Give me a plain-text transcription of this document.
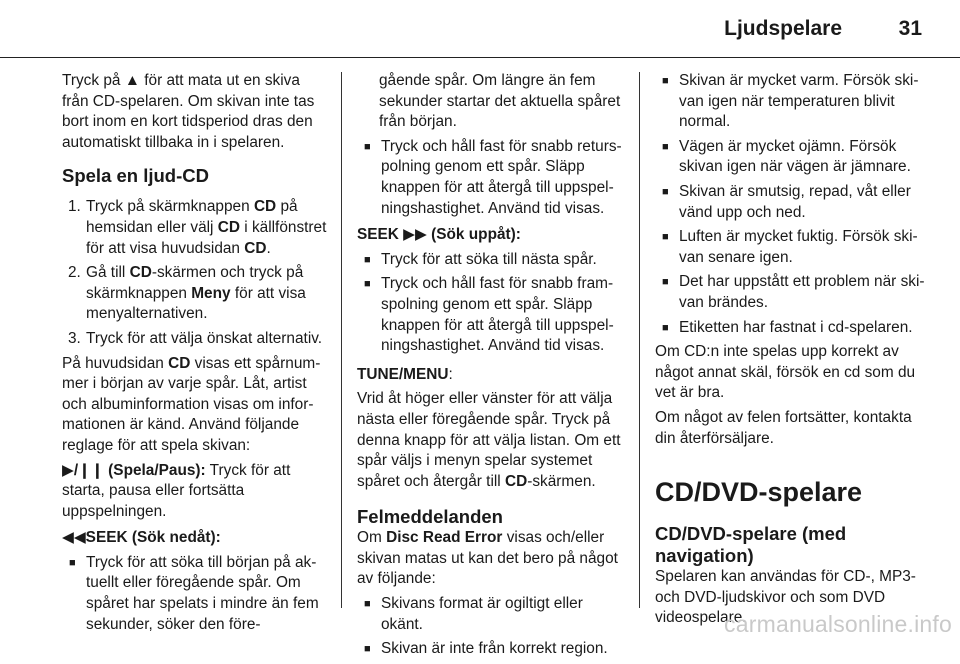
Ljudspelare	31

Tryck på ▲ för att mata ut en skiva från CD-spelaren. Om skivan inte tas bort inom en kort tidsperiod dras den automatiskt tillbaka in i spelaren.

Spela en ljud-CD
1. Tryck på skärmknappen CD på hemsidan eller välj CD i källfönstret för att visa huvudsidan CD.
2. Gå till CD-skärmen och tryck på skärmknappen Meny för att visa menyalternativen.
3. Tryck för att välja önskat alternativ.

På huvudsidan CD visas ett spårnummer i början av varje spår. Låt, artist och albuminformation visas om informationen är känd. Använd följande reglage för att spela skivan:

▶/❙❙ (Spela/Paus): Tryck för att starta, pausa eller fortsätta uppspelningen.

◀◀SEEK (Sök nedåt):

■ Tryck för att söka till början på aktuellt eller föregående spår. Om spåret har spelats i mindre än fem sekunder, söker den före-

gående spår. Om längre än fem sekunder startar det aktuella spåret från början.

■ Tryck och håll fast för snabb returspolning genom ett spår. Släpp knappen för att återgå till uppspelningshastighet. Använd tid visas.

SEEK ▶▶ (Sök uppåt):

■ Tryck för att söka till nästa spår.
■ Tryck och håll fast för snabb framspolning genom ett spår. Släpp knappen för att återgå till uppspelningshastighet. Använd tid visas.

TUNE/MENU:

Vrid åt höger eller vänster för att välja nästa eller föregående spår. Tryck på denna knapp för att välja listan. Om ett spår väljs i menyn spelar systemet spåret och återgår till CD-skärmen.

Felmeddelanden

Om Disc Read Error visas och/eller skivan matas ut kan det bero på något av följande:

■ Skivans format är ogiltigt eller okänt.
■ Skivan är inte från korrekt region.
■ Skivan är mycket varm. Försök skivan igen när temperaturen blivit normal.
■ Vägen är mycket ojämn. Försök skivan igen när vägen är jämnare.
■ Skivan är smutsig, repad, våt eller vänd upp och ned.
■ Luften är mycket fuktig. Försök skivan senare igen.
■ Det har uppstått ett problem när skivan brändes.
■ Etiketten har fastnat i cd-spelaren.

Om CD:n inte spelas upp korrekt av något annat skäl, försök en cd som du vet är bra.

Om något av felen fortsätter, kontakta din återförsäljare.

CD/DVD-spelare
CD/DVD-spelare (med navigation)

Spelaren kan användas för CD-, MP3- och DVD-ljudskivor och som DVD videospelare.

carmanualsonline.info
